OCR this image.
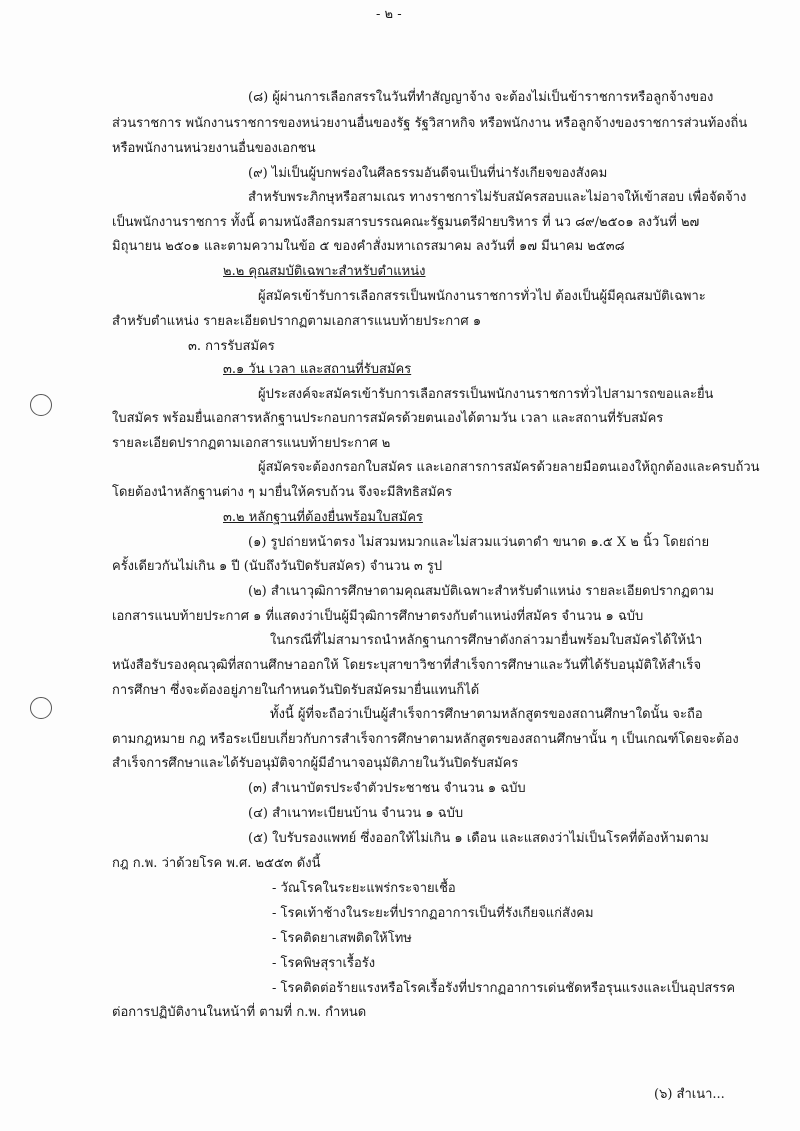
- ๒ -
(๘) ผู้ผ่านการเลือกสรรในวันที่ทำสัญญาจ้าง จะต้องไม่เป็นข้าราชการหรือลูกจ้างของ
ส่วนราชการ พนักงานราชการของหน่วยงานอื่นของรัฐ รัฐวิสาหกิจ หรือพนักงาน หรือลูกจ้างของราชการส่วนท้องถิ่น
หรือพนักงานหน่วยงานอื่นของเอกชน
(๙) ไม่เป็นผู้บกพร่องในศีลธรรมอันดีจนเป็นที่น่ารังเกียจของสังคม
สำหรับพระภิกษุหรือสามเณร ทางราชการไม่รับสมัครสอบและไม่อาจให้เข้าสอบ เพื่อจัดจ้าง
เป็นพนักงานราชการ ทั้งนี้ ตามหนังสือกรมสารบรรณคณะรัฐมนตรีฝ่ายบริหาร ที่ นว ๘๙/๒๕๐๑ ลงวันที่ ๒๗
มิถุนายน ๒๕๐๑ และตามความในข้อ ๕ ของคำสั่งมหาเถรสมาคม ลงวันที่ ๑๗ มีนาคม ๒๕๓๘
๒.๒ คุณสมบัติเฉพาะสำหรับตำแหน่ง
ผู้สมัครเข้ารับการเลือกสรรเป็นพนักงานราชการทั่วไป ต้องเป็นผู้มีคุณสมบัติเฉพาะ
สำหรับตำแหน่ง รายละเอียดปรากฏตามเอกสารแนบท้ายประกาศ ๑
๓. การรับสมัคร
๓.๑ วัน เวลา และสถานที่รับสมัคร
ผู้ประสงค์จะสมัครเข้ารับการเลือกสรรเป็นพนักงานราชการทั่วไปสามารถขอและยื่น
ใบสมัคร พร้อมยื่นเอกสารหลักฐานประกอบการสมัครด้วยตนเองได้ตามวัน เวลา และสถานที่รับสมัคร
รายละเอียดปรากฏตามเอกสารแนบท้ายประกาศ ๒
ผู้สมัครจะต้องกรอกใบสมัคร และเอกสารการสมัครด้วยลายมือตนเองให้ถูกต้องและครบถ้วน
โดยต้องนำหลักฐานต่าง ๆ มายื่นให้ครบถ้วน จึงจะมีสิทธิสมัคร
๓.๒ หลักฐานที่ต้องยื่นพร้อมใบสมัคร
(๑) รูปถ่ายหน้าตรง ไม่สวมหมวกและไม่สวมแว่นตาดำ ขนาด ๑.๕ X ๒ นิ้ว โดยถ่าย
ครั้งเดียวกันไม่เกิน ๑ ปี (นับถึงวันปิดรับสมัคร) จำนวน ๓ รูป
(๒) สำเนาวุฒิการศึกษาตามคุณสมบัติเฉพาะสำหรับตำแหน่ง รายละเอียดปรากฏตาม
เอกสารแนบท้ายประกาศ ๑ ที่แสดงว่าเป็นผู้มีวุฒิการศึกษาตรงกับตำแหน่งที่สมัคร จำนวน ๑ ฉบับ
ในกรณีที่ไม่สามารถนำหลักฐานการศึกษาดังกล่าวมายื่นพร้อมใบสมัครได้ให้นำ
หนังสือรับรองคุณวุฒิที่สถานศึกษาออกให้ โดยระบุสาขาวิชาที่สำเร็จการศึกษาและวันที่ได้รับอนุมัติให้สำเร็จ
การศึกษา ซึ่งจะต้องอยู่ภายในกำหนดวันปิดรับสมัครมายื่นแทนก็ได้
ทั้งนี้ ผู้ที่จะถือว่าเป็นผู้สำเร็จการศึกษาตามหลักสูตรของสถานศึกษาใดนั้น จะถือ
ตามกฎหมาย กฎ หรือระเบียบเกี่ยวกับการสำเร็จการศึกษาตามหลักสูตรของสถานศึกษานั้น ๆ เป็นเกณฑ์โดยจะต้อง
สำเร็จการศึกษาและได้รับอนุมัติจากผู้มีอำนาจอนุมัติภายในวันปิดรับสมัคร
(๓) สำเนาบัตรประจำตัวประชาชน จำนวน ๑ ฉบับ
(๔) สำเนาทะเบียนบ้าน จำนวน ๑ ฉบับ
(๕) ใบรับรองแพทย์ ซึ่งออกให้ไม่เกิน ๑ เดือน และแสดงว่าไม่เป็นโรคที่ต้องห้ามตาม
กฎ ก.พ. ว่าด้วยโรค พ.ศ. ๒๕๕๓ ดังนี้
- วัณโรคในระยะแพร่กระจายเชื้อ
- โรคเท้าช้างในระยะที่ปรากฏอาการเป็นที่รังเกียจแก่สังคม
- โรคติดยาเสพติดให้โทษ
- โรคพิษสุราเรื้อรัง
- โรคติดต่อร้ายแรงหรือโรคเรื้อรังที่ปรากฏอาการเด่นชัดหรือรุนแรงและเป็นอุปสรรค
ต่อการปฏิบัติงานในหน้าที่ ตามที่ ก.พ. กำหนด
(๖) สำเนา...
